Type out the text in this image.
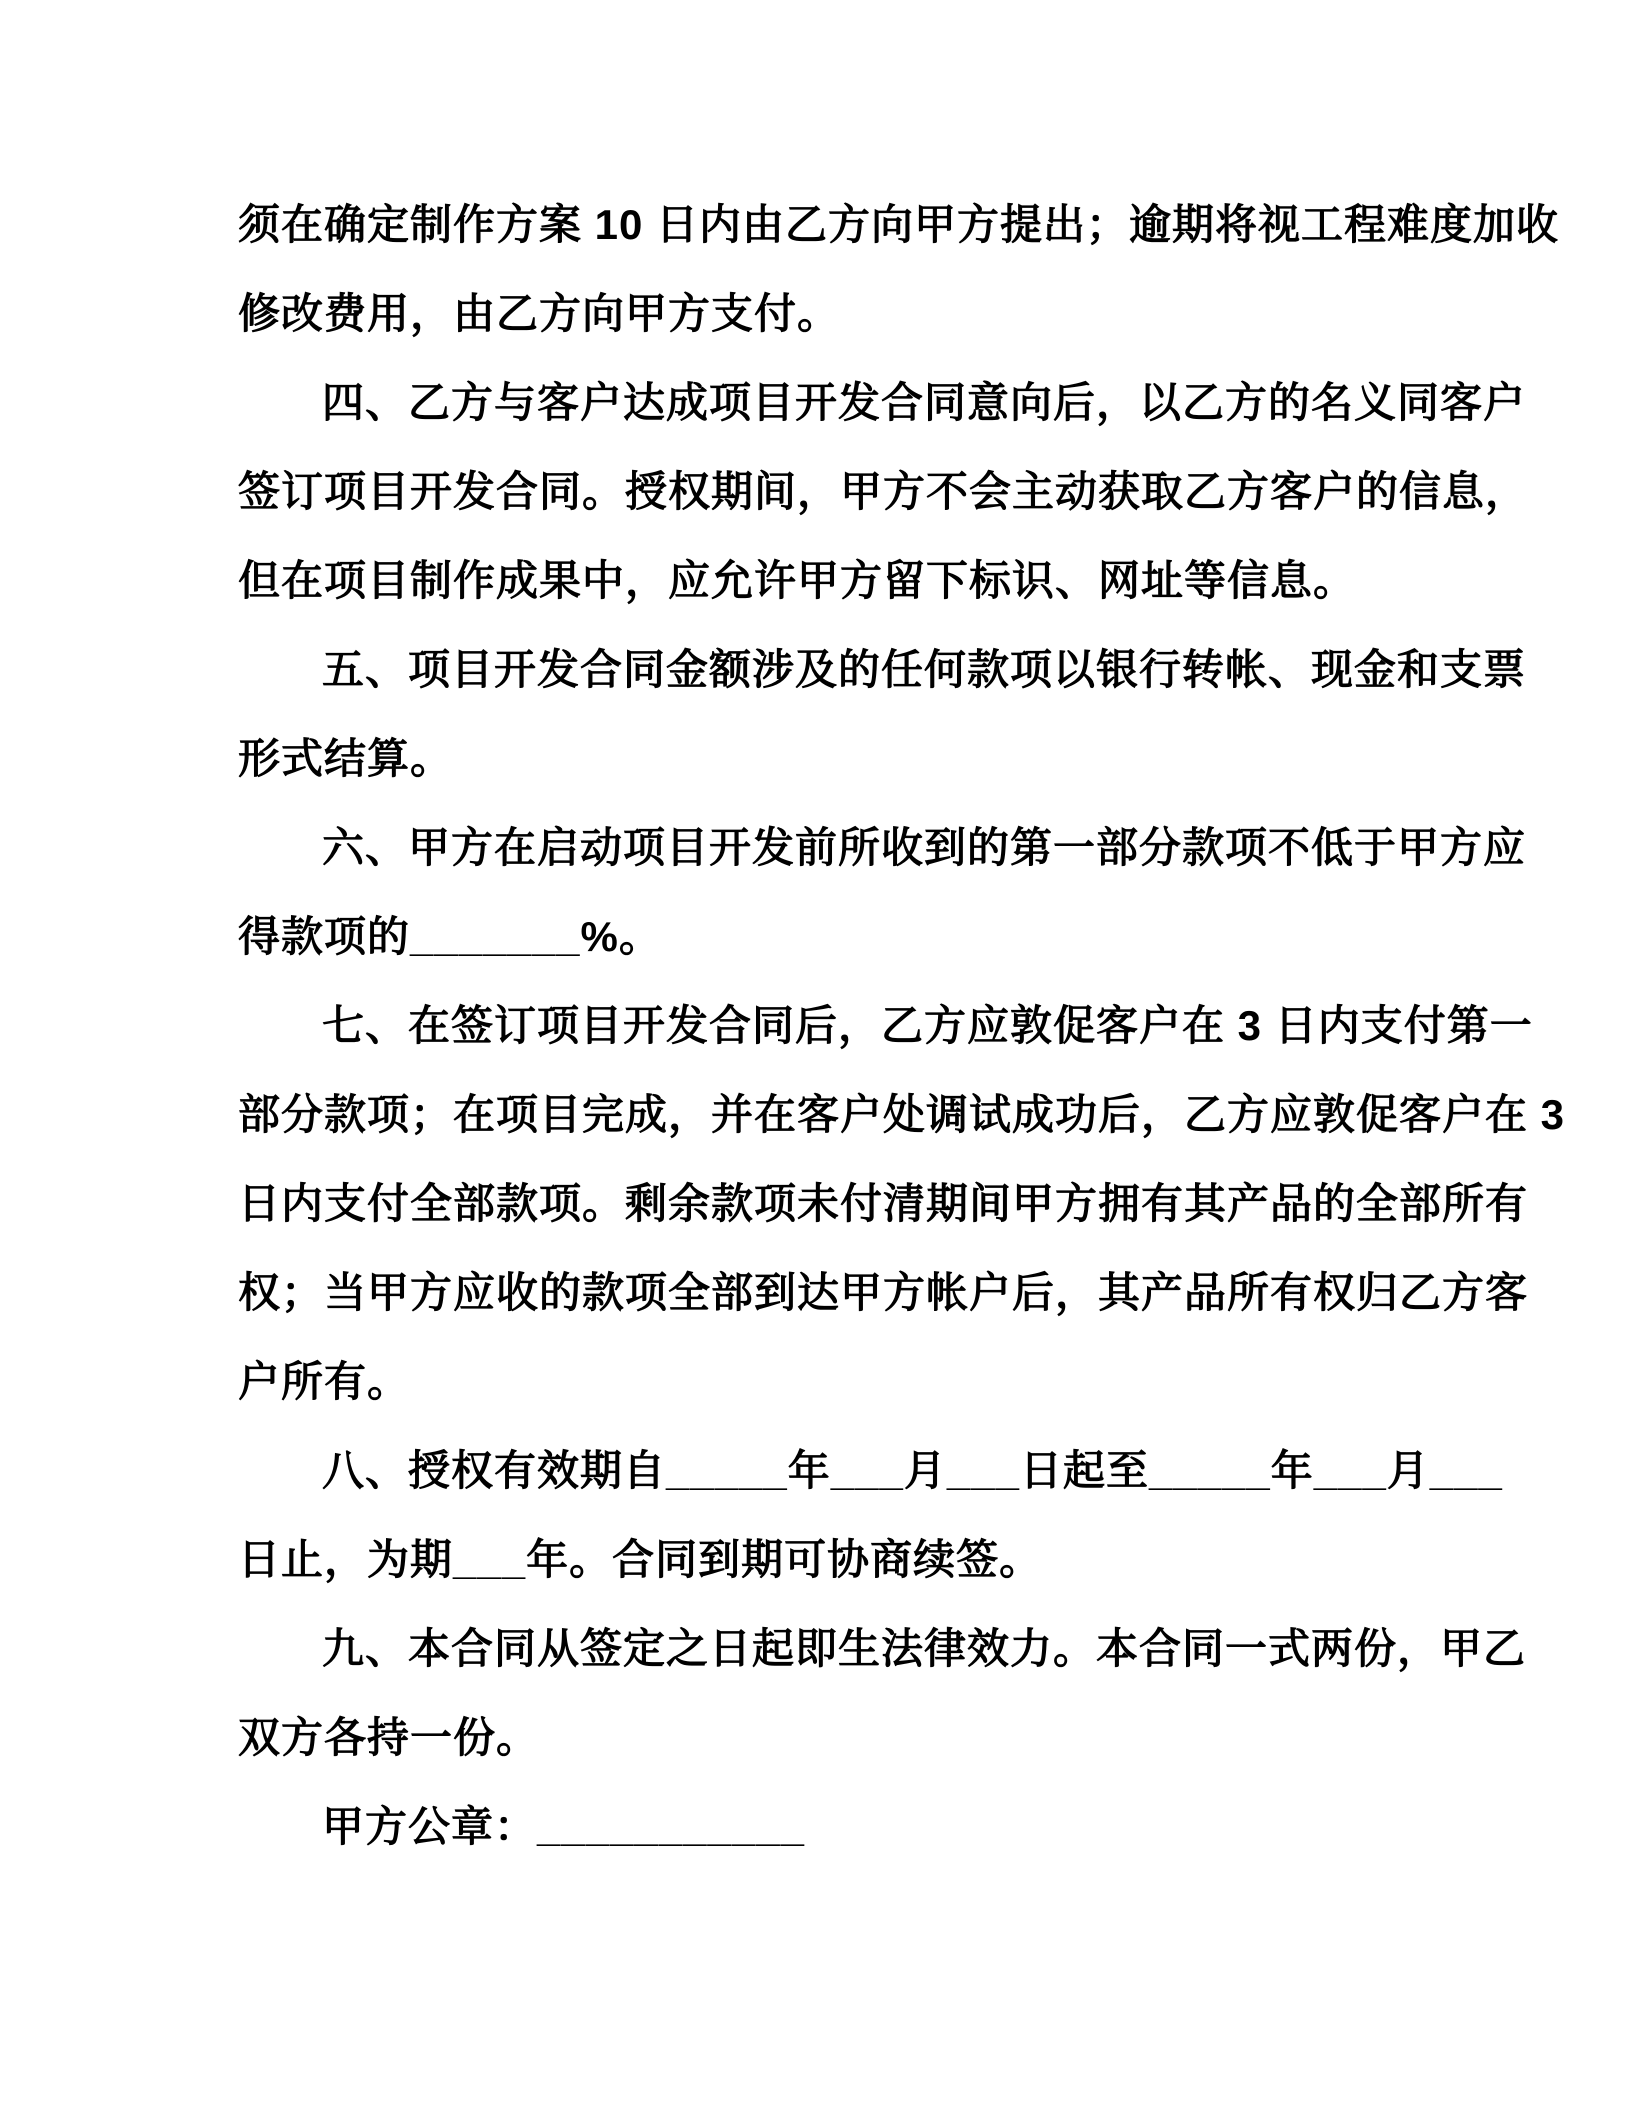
须在确定制作方案 10 日内由乙方向甲方提出；逾期将视工程难度加收
修改费用，由乙方向甲方支付。
四、乙方与客户达成项目开发合同意向后，以乙方的名义同客户
签订项目开发合同。授权期间，甲方不会主动获取乙方客户的信息，
但在项目制作成果中，应允许甲方留下标识、网址等信息。
五、项目开发合同金额涉及的任何款项以银行转帐、现金和支票
形式结算。
六、甲方在启动项目开发前所收到的第一部分款项不低于甲方应
得款项的_______%。
七、在签订项目开发合同后，乙方应敦促客户在 3 日内支付第一
部分款项；在项目完成，并在客户处调试成功后，乙方应敦促客户在 3
日内支付全部款项。剩余款项未付清期间甲方拥有其产品的全部所有
权；当甲方应收的款项全部到达甲方帐户后，其产品所有权归乙方客
户所有。
八、授权有效期自_____年___月___日起至_____年___月___
日止，为期___年。合同到期可协商续签。
九、本合同从签定之日起即生法律效力。本合同一式两份，甲乙
双方各持一份。
甲方公章：___________
